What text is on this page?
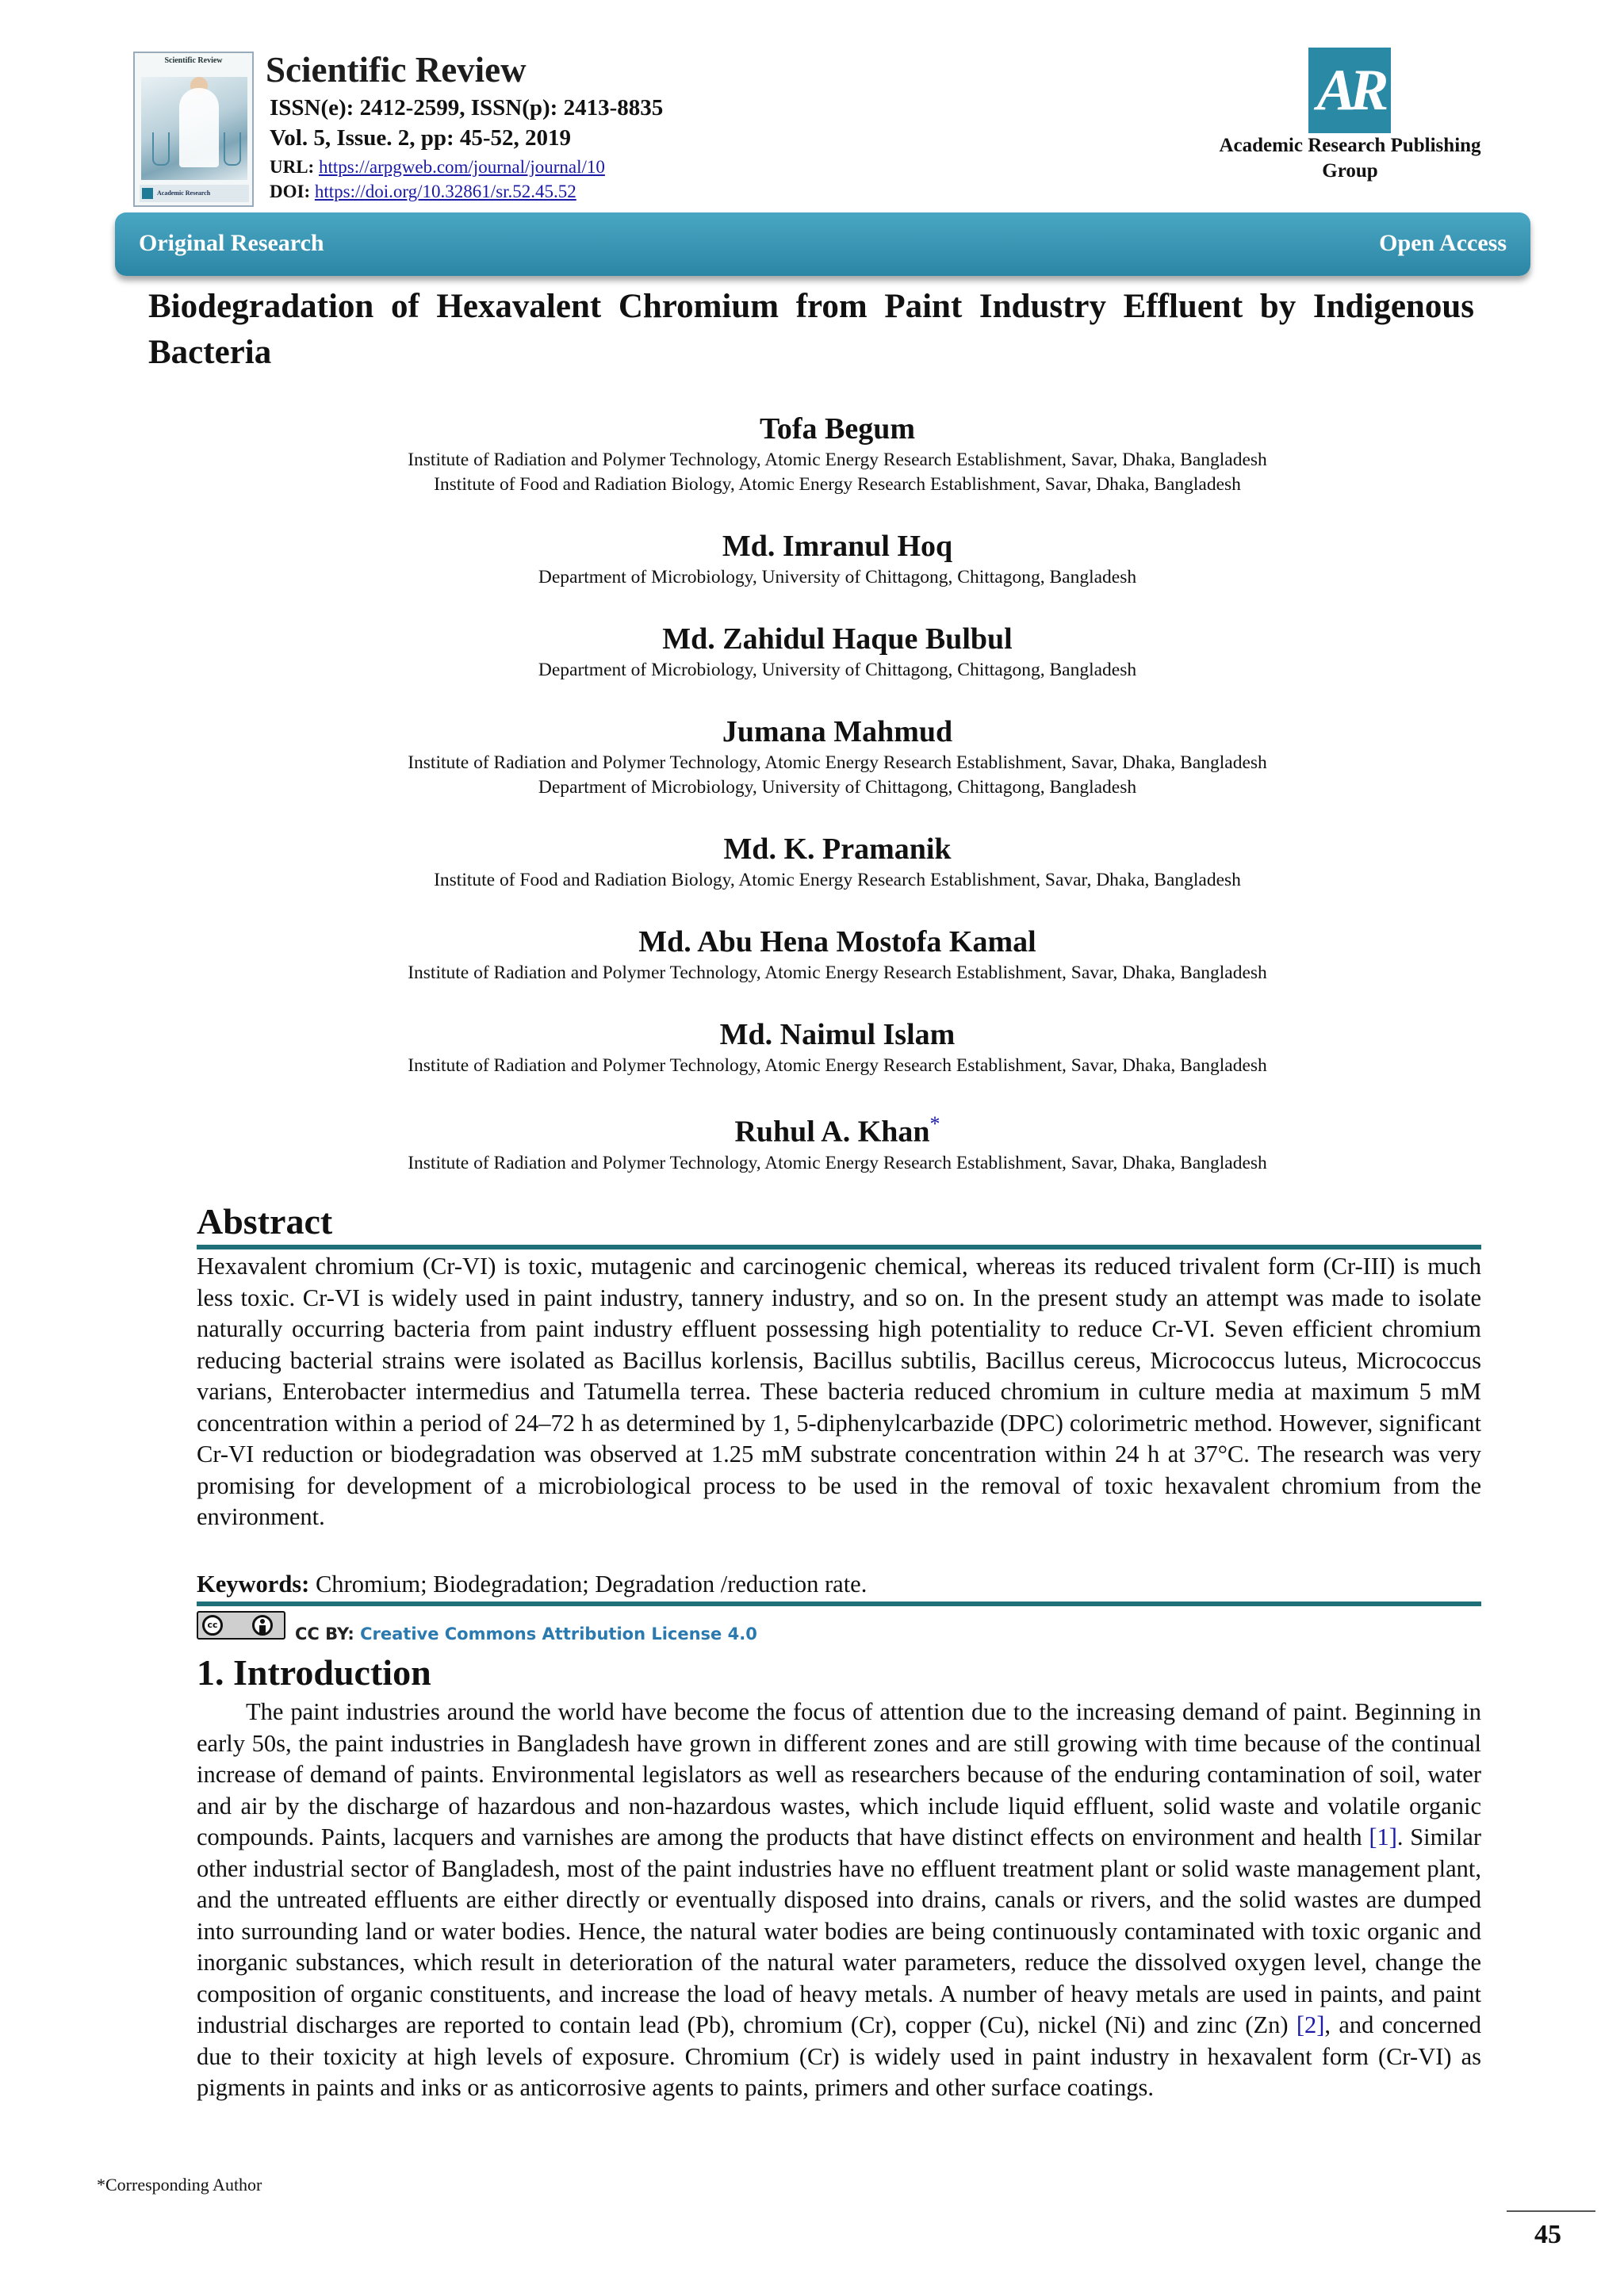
Scientific Review
Academic Research
Scientific Review
ISSN(e): 2412-2599, ISSN(p): 2413-8835
Vol. 5, Issue. 2, pp: 45-52, 2019
URL: https://arpgweb.com/journal/journal/10
DOI: https://doi.org/10.32861/sr.52.45.52
AR
Academic Research Publishing Group
Original Research	Open Access
Biodegradation of Hexavalent Chromium from Paint Industry Effluent by Indigenous Bacteria
Tofa Begum
Institute of Radiation and Polymer Technology, Atomic Energy Research Establishment, Savar, Dhaka, Bangladesh
Institute of Food and Radiation Biology, Atomic Energy Research Establishment, Savar, Dhaka, Bangladesh
Md. Imranul Hoq
Department of Microbiology, University of Chittagong, Chittagong, Bangladesh
Md. Zahidul Haque Bulbul
Department of Microbiology, University of Chittagong, Chittagong, Bangladesh
Jumana Mahmud
Institute of Radiation and Polymer Technology, Atomic Energy Research Establishment, Savar, Dhaka, Bangladesh
Department of Microbiology, University of Chittagong, Chittagong, Bangladesh
Md. K. Pramanik
Institute of Food and Radiation Biology, Atomic Energy Research Establishment, Savar, Dhaka, Bangladesh
Md. Abu Hena Mostofa Kamal
Institute of Radiation and Polymer Technology, Atomic Energy Research Establishment, Savar, Dhaka, Bangladesh
Md. Naimul Islam
Institute of Radiation and Polymer Technology, Atomic Energy Research Establishment, Savar, Dhaka, Bangladesh
Ruhul A. Khan*
Institute of Radiation and Polymer Technology, Atomic Energy Research Establishment, Savar, Dhaka, Bangladesh
Abstract
Hexavalent chromium (Cr-VI) is toxic, mutagenic and carcinogenic chemical, whereas its reduced trivalent form (Cr-III) is much less toxic. Cr-VI is widely used in paint industry, tannery industry, and so on. In the present study an attempt was made to isolate naturally occurring bacteria from paint industry effluent possessing high potentiality to reduce Cr-VI. Seven efficient chromium reducing bacterial strains were isolated as Bacillus korlensis, Bacillus subtilis, Bacillus cereus, Micrococcus luteus, Micrococcus varians, Enterobacter intermedius and Tatumella terrea. These bacteria reduced chromium in culture media at maximum 5 mM concentration within a period of 24–72 h as determined by 1, 5-diphenylcarbazide (DPC) colorimetric method. However, significant Cr-VI reduction or biodegradation was observed at 1.25 mM substrate concentration within 24 h at 37°C. The research was very promising for development of a microbiological process to be used in the removal of toxic hexavalent chromium from the environment.
Keywords: Chromium; Biodegradation; Degradation /reduction rate.
cc	CC BY: Creative Commons Attribution License 4.0
1. Introduction
The paint industries around the world have become the focus of attention due to the increasing demand of paint. Beginning in early 50s, the paint industries in Bangladesh have grown in different zones and are still growing with time because of the continual increase of demand of paints. Environmental legislators as well as researchers because of the enduring contamination of soil, water and air by the discharge of hazardous and non-hazardous wastes, which include liquid effluent, solid waste and volatile organic compounds. Paints, lacquers and varnishes are among the products that have distinct effects on environment and health [1]. Similar other industrial sector of Bangladesh, most of the paint industries have no effluent treatment plant or solid waste management plant, and the untreated effluents are either directly or eventually disposed into drains, canals or rivers, and the solid wastes are dumped into surrounding land or water bodies. Hence, the natural water bodies are being continuously contaminated with toxic organic and inorganic substances, which result in deterioration of the natural water parameters, reduce the dissolved oxygen level, change the composition of organic constituents, and increase the load of heavy metals. A number of heavy metals are used in paints, and paint industrial discharges are reported to contain lead (Pb), chromium (Cr), copper (Cu), nickel (Ni) and zinc (Zn) [2], and concerned due to their toxicity at high levels of exposure. Chromium (Cr) is widely used in paint industry in hexavalent form (Cr-VI) as pigments in paints and inks or as anticorrosive agents to paints, primers and other surface coatings.
*Corresponding Author
45
